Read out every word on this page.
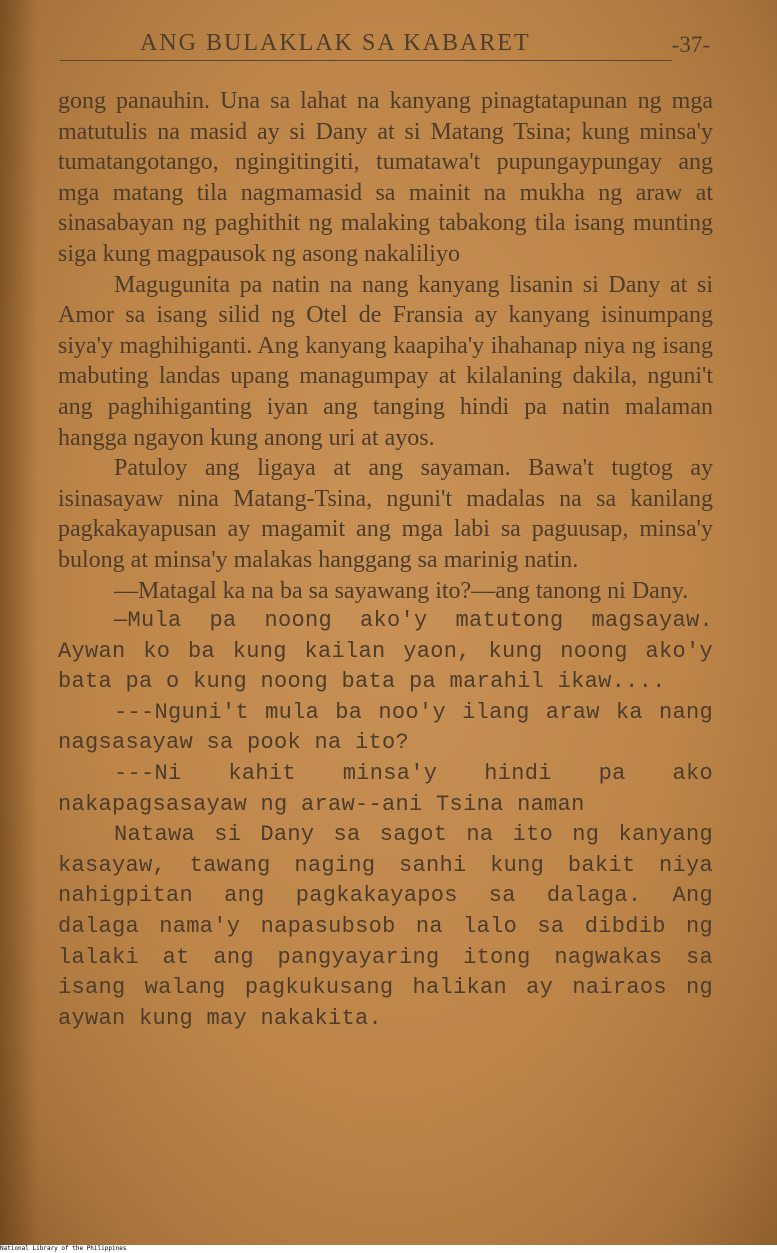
ANG BULAKLAK SA KABARET	-37-

gong panauhin. Una sa lahat na kanyang pinagtatapunan ng mga matutulis na masid ay si Dany at si Matang Tsina; kung minsa'y tumatangotango, ngingitingiti, tumatawa't pupungaypungay ang mga matang tila nagmamasid sa mainit na mukha ng araw at sinasabayan ng paghithit ng malaking tabakong tila isang munting siga kung magpausok ng asong nakaliliyo

Magugunita pa natin na nang kanyang lisanin si Dany at si Amor sa isang silid ng Otel de Fransia ay kanyang isinumpang siya'y maghihiganti. Ang kanyang kaapiha'y ihahanap niya ng isang mabuting landas upang managumpay at kilalaning dakila, nguni't ang paghihiganting iyan ang tanging hindi pa natin malaman hangga ngayon kung anong uri at ayos.

Patuloy ang ligaya at ang sayaman. Bawa't tugtog ay isinasayaw nina Matang-Tsina, nguni't madalas na sa kanilang pagkakayapusan ay magamit ang mga labi sa paguusap, minsa'y bulong at minsa'y malakas hanggang sa marinig natin.

—Matagal ka na ba sa sayawang ito?—ang tanong ni Dany.

—Mula pa noong ako'y matutong magsayaw. Aywan ko ba kung kailan yaon, kung noong ako'y bata pa o kung noong bata pa marahil ikaw....

---Nguni't mula ba noo'y ilang araw ka nang nagsasayaw sa pook na ito?

---Ni kahit minsa'y hindi pa ako nakapagsasayaw ng araw--ani Tsina naman

Natawa si Dany sa sagot na ito ng kanyang kasayaw, tawang naging sanhi kung bakit niya nahigpitan ang pagkakayapos sa dalaga. Ang dalaga nama'y napasubsob na lalo sa dibdib ng lalaki at ang pangyayaring itong nagwakas sa isang walang pagkukusang halikan ay nairaos ng aywan kung may nakakita.

National Library of the Philippines
